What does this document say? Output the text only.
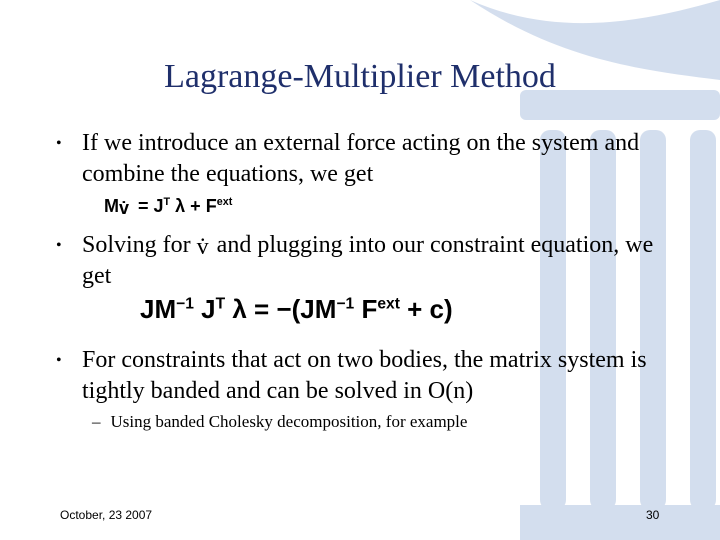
Lagrange-Multiplier Method
• If we introduce an external force acting on the system and combine the equations, we get
Mv̇ = $J^T$ $\lambda + F^{ext}$
• Solving for v̇ and plugging into our constraint equation, we get
$JM^{-1}$ $J^T$ $\lambda = -(JM^{-1}$ $F^{ext} + c$)
• For constraints that act on two bodies, the matrix system is tightly banded and can be solved in O(n)
– Using banded Cholesky decomposition, for example
October, 23 2007	30
